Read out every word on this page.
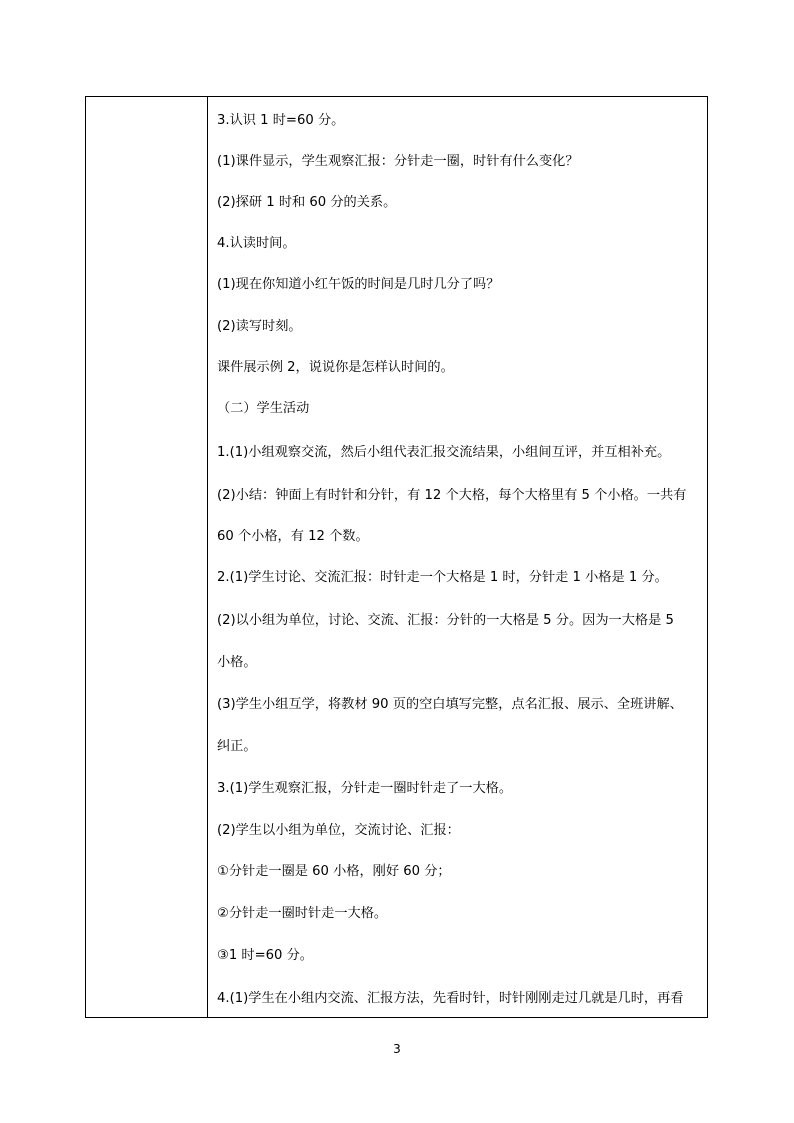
3.认识 1 时=60 分。
(1)课件显示，学生观察汇报：分针走一圈，时针有什么变化？
(2)探研 1 时和 60 分的关系。
4.认读时间。
(1)现在你知道小红午饭的时间是几时几分了吗？
(2)读写时刻。
课件展示例 2，说说你是怎样认时间的。
（二）学生活动
1.(1)小组观察交流，然后小组代表汇报交流结果，小组间互评，并互相补充。
(2)小结：钟面上有时针和分针，有 12 个大格，每个大格里有 5 个小格。一共有
60 个小格，有 12 个数。
2.(1)学生讨论、交流汇报：时针走一个大格是 1 时，分针走 1 小格是 1 分。
(2)以小组为单位，讨论、交流、汇报：分针的一大格是 5 分。因为一大格是 5
小格。
(3)学生小组互学，将教材 90 页的空白填写完整，点名汇报、展示、全班讲解、
纠正。
3.(1)学生观察汇报，分针走一圈时针走了一大格。
(2)学生以小组为单位，交流讨论、汇报：
①分针走一圈是 60 小格，刚好 60 分；
②分针走一圈时针走一大格。
③1 时=60 分。
4.(1)学生在小组内交流、汇报方法，先看时针，时针刚刚走过几就是几时，再看
3
